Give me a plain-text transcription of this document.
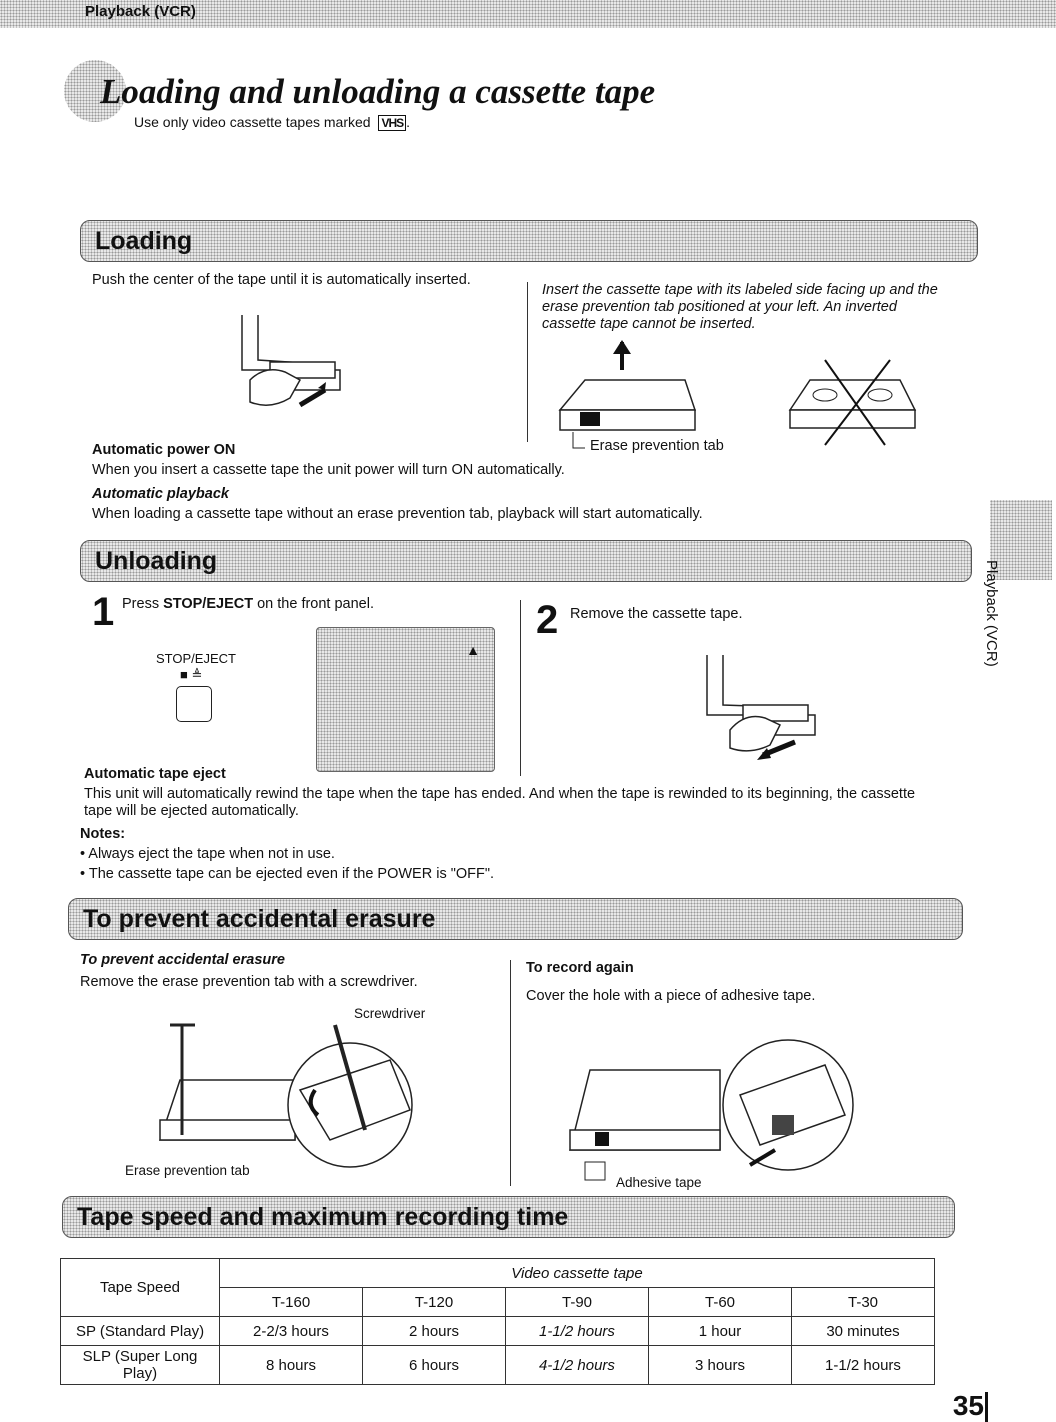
Playback (VCR)
Loading and unloading a cassette tape
Use only video cassette tapes marked VHS .
Playback (VCR)
Loading
Push the center of the tape until it is automatically inserted.
Insert the cassette tape with its labeled side facing up and the erase prevention tab positioned at your left. An inverted cassette tape cannot be inserted.
Erase prevention tab
Automatic power ON
When you insert a cassette tape the unit power will turn ON automatically.
Automatic playback
When loading a cassette tape without an erase prevention tab, playback will start automatically.
Unloading
1 Press STOP/EJECT on the front panel.
STOP/EJECT
■ ≜
▲
2 Remove the cassette tape.
Automatic tape eject
This unit will automatically rewind the tape when the tape has ended. And when the tape is rewinded to its beginning, the cassette tape will be ejected automatically.
Notes:
• Always eject the tape when not in use.
• The cassette tape can be ejected even if the POWER is "OFF".
To prevent accidental erasure
To prevent accidental erasure
Remove the erase prevention tab with a screwdriver.
Screwdriver
Erase prevention tab
To record again
Cover the hole with a piece of adhesive tape.
Adhesive tape
Tape speed and maximum recording time
Tape Speed	Video cassette tape				
	T-160	T-120	T-90	T-60	T-30
SP (Standard Play)	2-2/3 hours	2 hours	1-1/2 hours	1 hour	30 minutes
SLP (Super Long Play)	8 hours	6 hours	4-1/2 hours	3 hours	1-1/2 hours
35
